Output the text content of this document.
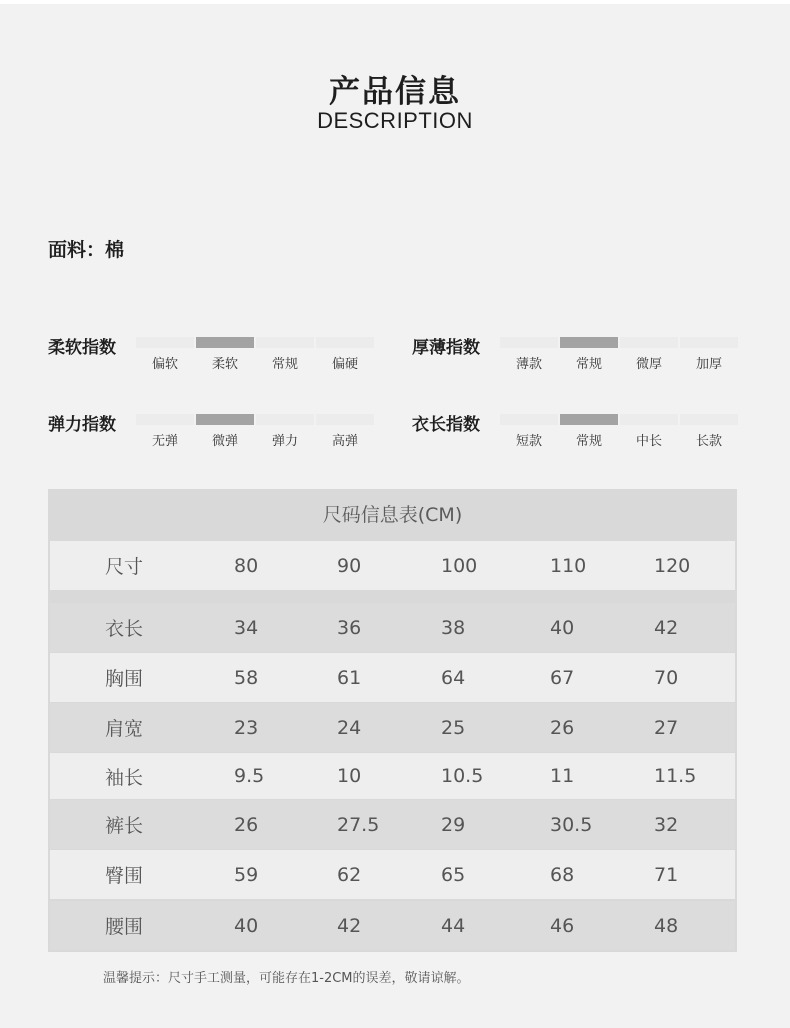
产品信息
DESCRIPTION
面料：棉
柔软指数
偏软	柔软	常规	偏硬
厚薄指数
薄款	常规	微厚	加厚
弹力指数
无弹	微弹	弹力	高弹
衣长指数
短款	常规	中长	长款
尺码信息表(CM)
尺寸	80	90	100	110	120
衣长	34	36	38	40	42
胸围	58	61	64	67	70
肩宽	23	24	25	26	27
袖长	9.5	10	10.5	11	11.5
裤长	26	27.5	29	30.5	32
臀围	59	62	65	68	71
腰围	40	42	44	46	48
温馨提示：尺寸手工测量，可能存在1-2CM的误差，敬请谅解。
